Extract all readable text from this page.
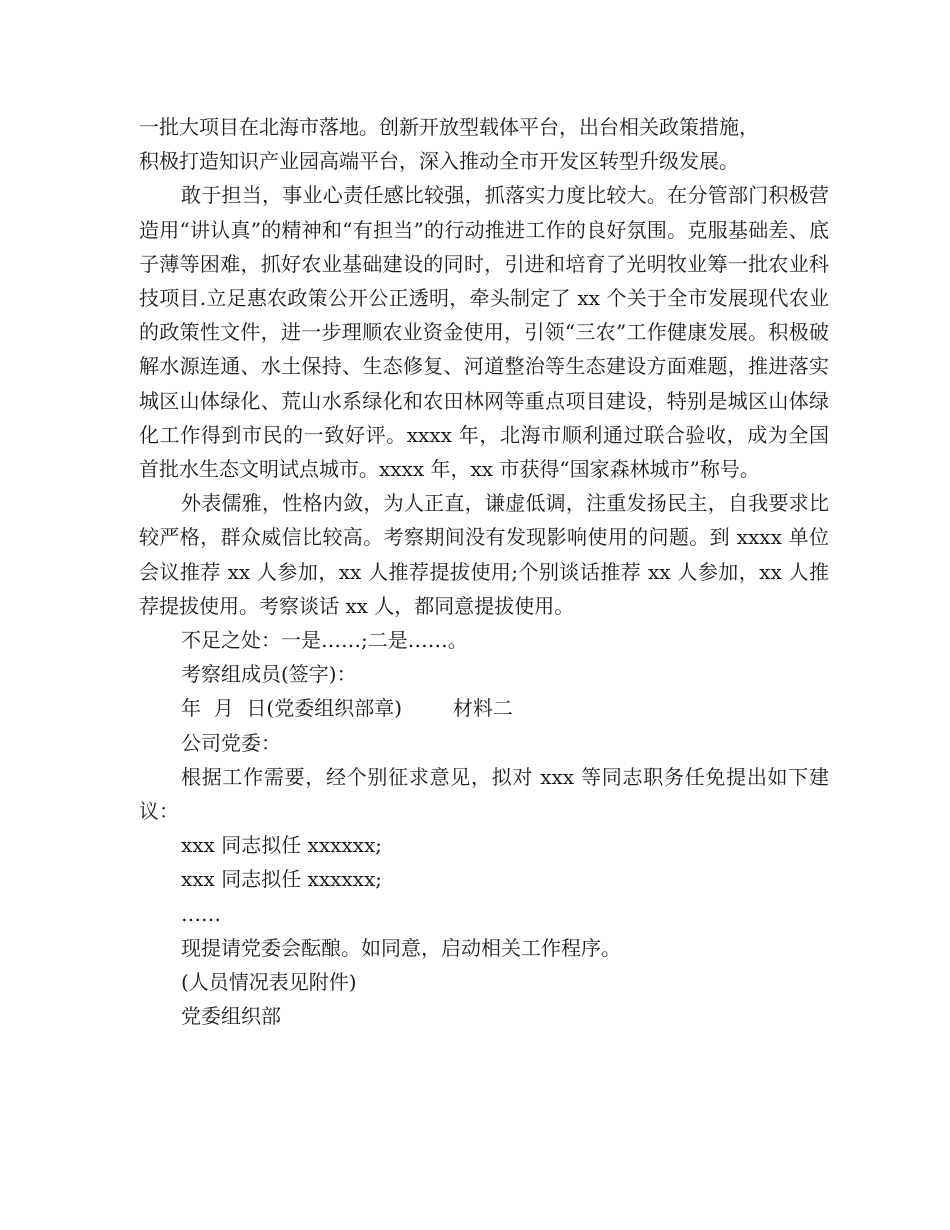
一批大项目在北海市落地。创新开放型载体平台，出台相关政策措施，
积极打造知识产业园高端平台，深入推动全市开发区转型升级发展。

敢于担当，事业心责任感比较强，抓落实力度比较大。在分管部门积极营造用“讲认真”的精神和“有担当”的行动推进工作的良好氛围。克服基础差、底子薄等困难，抓好农业基础建设的同时，引进和培育了光明牧业筹一批农业科技项目.立足惠农政策公开公正透明，牵头制定了 xx 个关于全市发展现代农业的政策性文件，进一步理顺农业资金使用，引领“三农”工作健康发展。积极破解水源连通、水土保持、生态修复、河道整治等生态建设方面难题，推进落实城区山体绿化、荒山水系绿化和农田林网等重点项目建设，特别是城区山体绿化工作得到市民的一致好评。xxxx 年，北海市顺利通过联合验收，成为全国首批水生态文明试点城市。xxxx 年，xx 市获得“国家森林城市”称号。

外表儒雅，性格内敛，为人正直，谦虚低调，注重发扬民主，自我要求比较严格，群众威信比较高。考察期间没有发现影响使用的问题。到 xxxx 单位会议推荐 xx 人参加，xx 人推荐提拔使用;个别谈话推荐 xx 人参加，xx 人推荐提拔使用。考察谈话 xx 人，都同意提拔使用。

不足之处：一是……;二是……。
考察组成员(签字)：
年  月  日(党委组织部章)        材料二
公司党委：

根据工作需要，经个别征求意见，拟对 xxx 等同志职务任免提出如下建议：

xxx 同志拟任 xxxxxx;
xxx 同志拟任 xxxxxx;
……
现提请党委会酝酿。如同意，启动相关工作程序。
(人员情况表见附件)
党委组织部
